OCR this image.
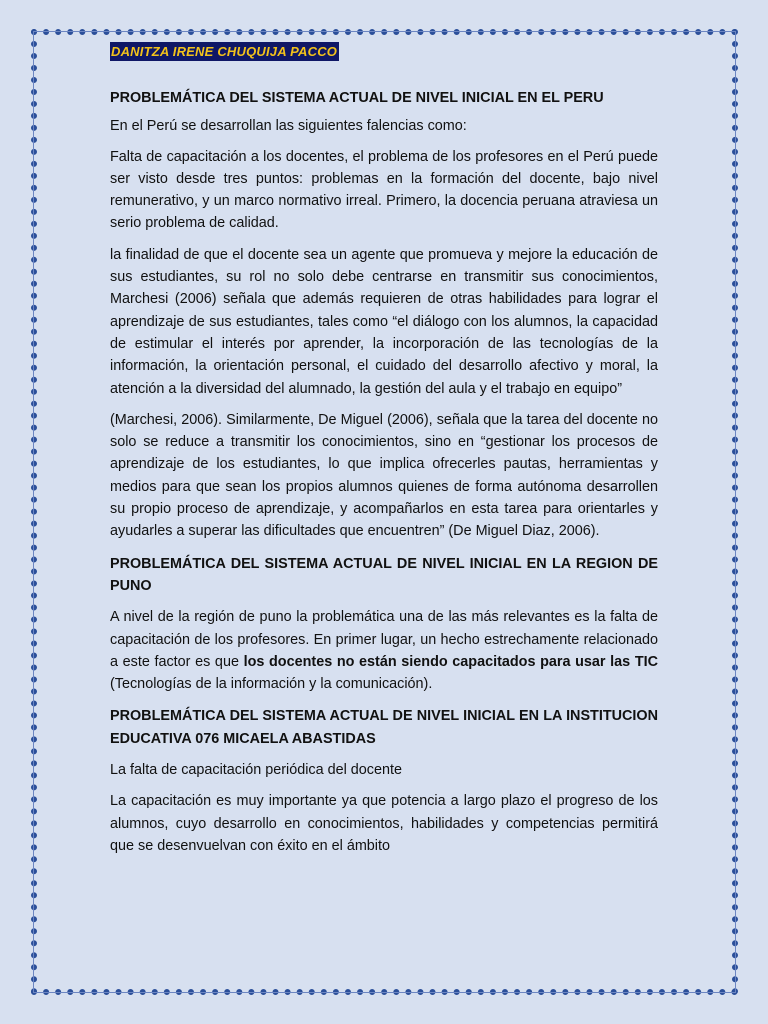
DANITZA IRENE CHUQUIJA PACCO
PROBLEMÁTICA DEL SISTEMA ACTUAL DE NIVEL INICIAL EN EL PERU

En el Perú se desarrollan las siguientes falencias como:

Falta de capacitación a los docentes, el problema de los profesores en el Perú puede ser visto desde tres puntos: problemas en la formación del docente, bajo nivel remunerativo, y un marco normativo irreal. Primero, la docencia peruana atraviesa un serio problema de calidad.

la finalidad de que el docente sea un agente que promueva y mejore la educación de sus estudiantes, su rol no solo debe centrarse en transmitir sus conocimientos, Marchesi (2006) señala que además requieren de otras habilidades para lograr el aprendizaje de sus estudiantes, tales como “el diálogo con los alumnos, la capacidad de estimular el interés por aprender, la incorporación de las tecnologías de la información, la orientación personal, el cuidado del desarrollo afectivo y moral, la atención a la diversidad del alumnado, la gestión del aula y el trabajo en equipo”

(Marchesi, 2006). Similarmente, De Miguel (2006), señala que la tarea del docente no solo se reduce a transmitir los conocimientos, sino en “gestionar los procesos de aprendizaje de los estudiantes, lo que implica ofrecerles pautas, herramientas y medios para que sean los propios alumnos quienes de forma autónoma desarrollen su propio proceso de aprendizaje, y acompañarlos en esta tarea para orientarles y ayudarles a superar las dificultades que encuentren” (De Miguel Diaz, 2006).

PROBLEMÁTICA DEL SISTEMA ACTUAL DE NIVEL INICIAL EN LA REGION DE PUNO

A nivel de la región de puno la problemática una de las más relevantes es la falta de capacitación de los profesores. En primer lugar, un hecho estrechamente relacionado a este factor es que los docentes no están siendo capacitados para usar las TIC (Tecnologías de la información y la comunicación).

PROBLEMÁTICA DEL SISTEMA ACTUAL DE NIVEL INICIAL EN LA INSTITUCION EDUCATIVA 076 MICAELA ABASTIDAS

La falta de capacitación periódica del docente

La capacitación es muy importante ya que potencia a largo plazo el progreso de los alumnos, cuyo desarrollo en conocimientos, habilidades y competencias permitirá que se desenvuelvan con éxito en el ámbito
